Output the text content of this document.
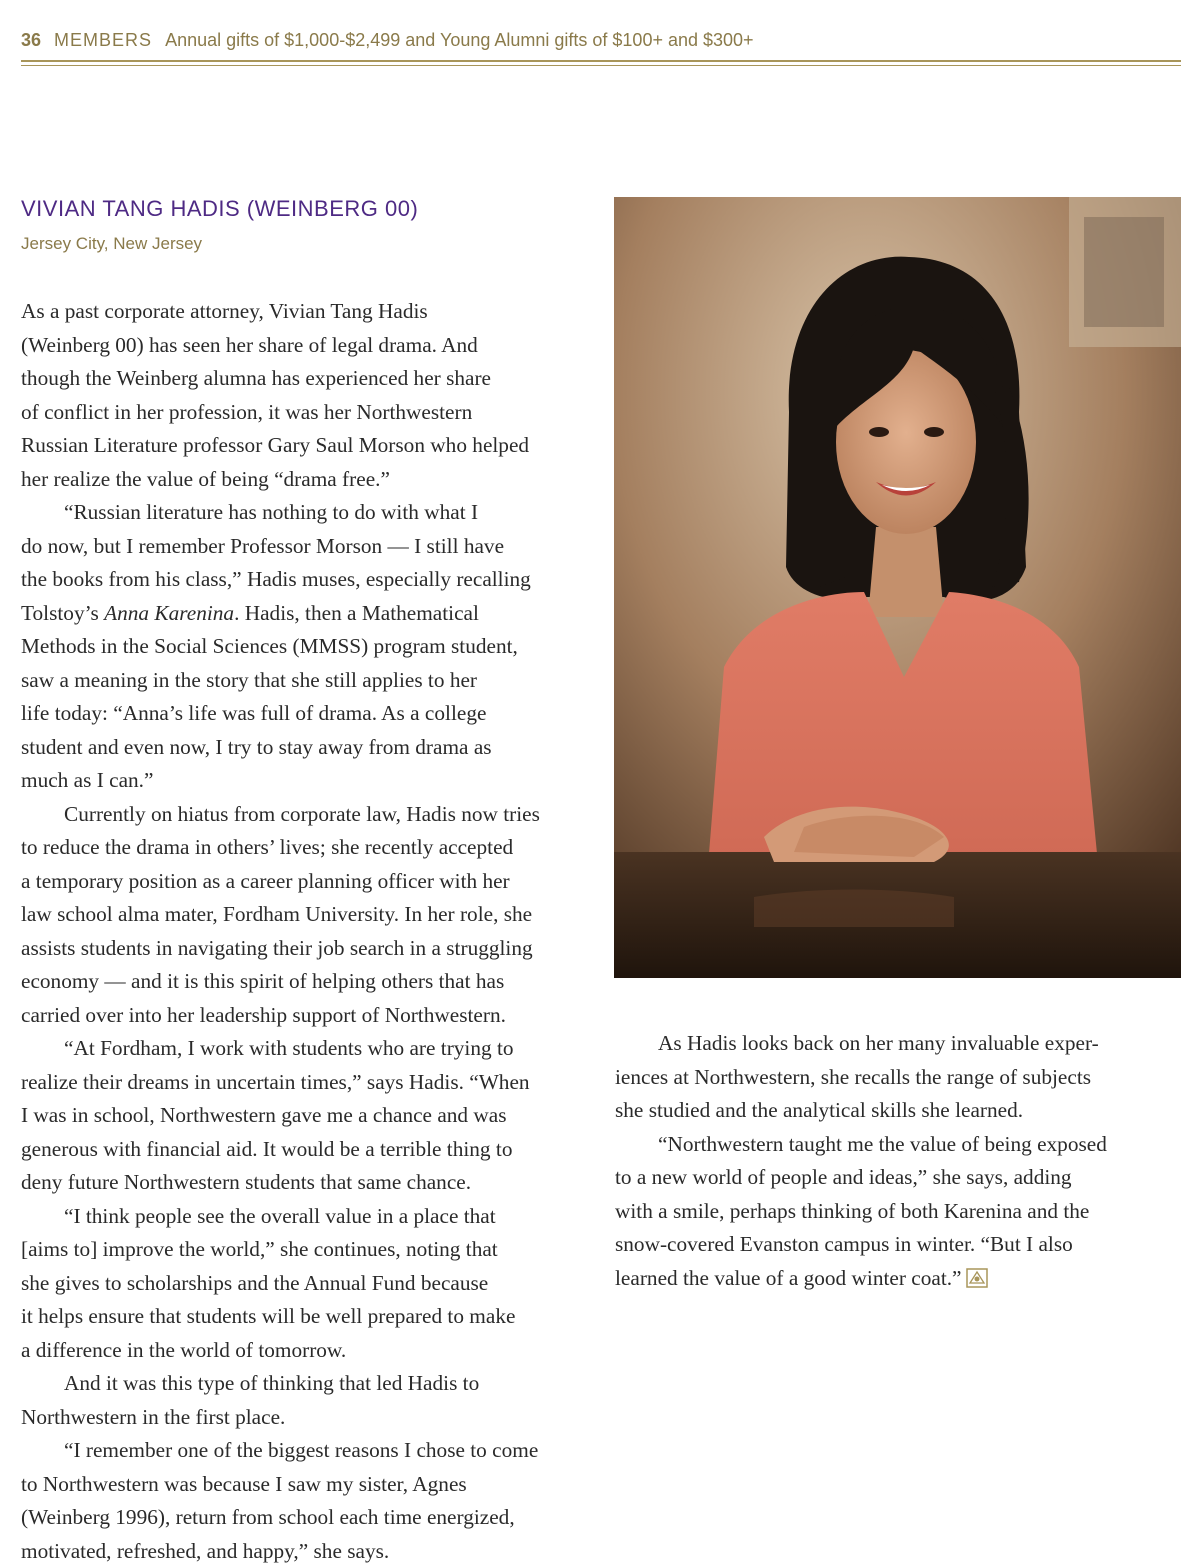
36 MEMBERS Annual gifts of $1,000-$2,499 and Young Alumni gifts of $100+ and $300+
VIVIAN TANG HADIS (WEINBERG 00)
Jersey City, New Jersey
As a past corporate attorney, Vivian Tang Hadis
(Weinberg 00) has seen her share of legal drama. And
though the Weinberg alumna has experienced her share
of conflict in her profession, it was her Northwestern
Russian Literature professor Gary Saul Morson who helped
her realize the value of being “drama free.”
“Russian literature has nothing to do with what I
do now, but I remember Professor Morson — I still have
the books from his class,” Hadis muses, especially recalling
Tolstoy’s Anna Karenina. Hadis, then a Mathematical
Methods in the Social Sciences (MMSS) program student,
saw a meaning in the story that she still applies to her
life today: “Anna’s life was full of drama. As a college
student and even now, I try to stay away from drama as
much as I can.”
Currently on hiatus from corporate law, Hadis now tries
to reduce the drama in others’ lives; she recently accepted
a temporary position as a career planning officer with her
law school alma mater, Fordham University. In her role, she
assists students in navigating their job search in a struggling
economy — and it is this spirit of helping others that has
carried over into her leadership support of Northwestern.
“At Fordham, I work with students who are trying to
realize their dreams in uncertain times,” says Hadis. “When
I was in school, Northwestern gave me a chance and was
generous with financial aid. It would be a terrible thing to
deny future Northwestern students that same chance.
“I think people see the overall value in a place that
[aims to] improve the world,” she continues, noting that
she gives to scholarships and the Annual Fund because
it helps ensure that students will be well prepared to make
a difference in the world of tomorrow.
And it was this type of thinking that led Hadis to
Northwestern in the first place.
“I remember one of the biggest reasons I chose to come
to Northwestern was because I saw my sister, Agnes
(Weinberg 1996), return from school each time energized,
motivated, refreshed, and happy,” she says.
As Hadis looks back on her many invaluable exper-
iences at Northwestern, she recalls the range of subjects
she studied and the analytical skills she learned.
“Northwestern taught me the value of being exposed
to a new world of people and ideas,” she says, adding
with a smile, perhaps thinking of both Karenina and the
snow-covered Evanston campus in winter. “But I also
learned the value of a good winter coat.”
